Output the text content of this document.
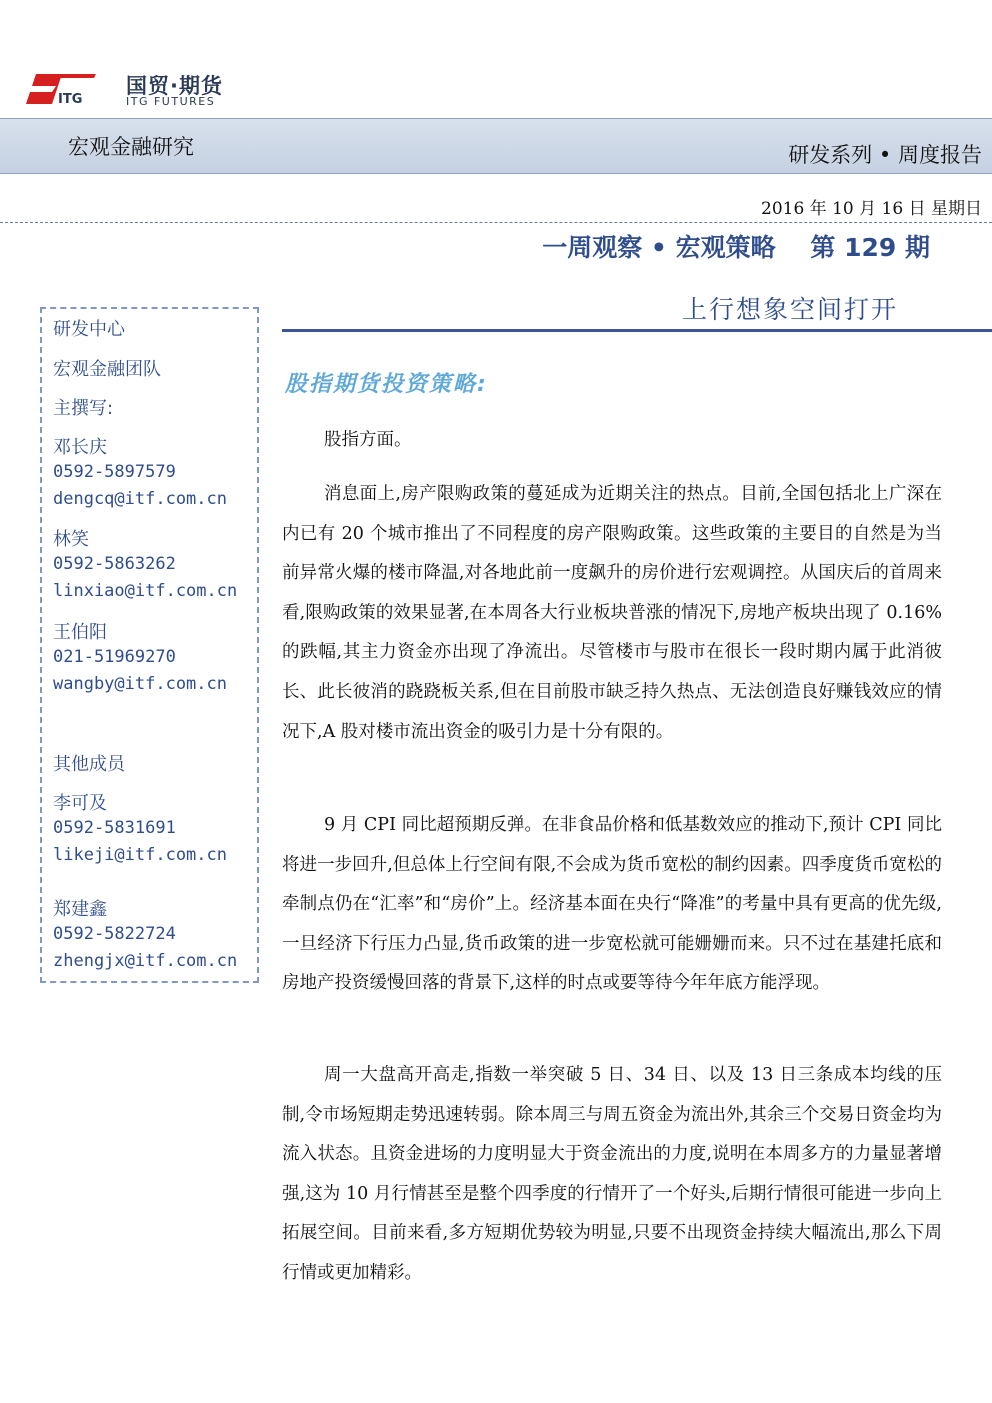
ITG
国贸·期货
ITG FUTURES
宏观金融研究	研发系列 • 周度报告
2016 年 10 月 16 日 星期日
一周观察 • 宏观策略    第 129 期
上行想象空间打开
研发中心
宏观金融团队
主撰写:
邓长庆
0592-5897579
dengcq@itf.com.cn
林笑
0592-5863262
linxiao@itf.com.cn
王伯阳
021-51969270
wangby@itf.com.cn
其他成员
李可及
0592-5831691
likeji@itf.com.cn
郑建鑫
0592-5822724
zhengjx@itf.com.cn
股指期货投资策略:

股指方面。

消息面上,房产限购政策的蔓延成为近期关注的热点。目前,全国包括北上广深在内已有 20 个城市推出了不同程度的房产限购政策。这些政策的主要目的自然是为当前异常火爆的楼市降温,对各地此前一度飙升的房价进行宏观调控。从国庆后的首周来看,限购政策的效果显著,在本周各大行业板块普涨的情况下,房地产板块出现了 0.16%的跌幅,其主力资金亦出现了净流出。尽管楼市与股市在很长一段时期内属于此消彼长、此长彼消的跷跷板关系,但在目前股市缺乏持久热点、无法创造良好赚钱效应的情况下,A 股对楼市流出资金的吸引力是十分有限的。

9 月 CPI 同比超预期反弹。在非食品价格和低基数效应的推动下,预计 CPI 同比将进一步回升,但总体上行空间有限,不会成为货币宽松的制约因素。四季度货币宽松的牵制点仍在“汇率”和“房价”上。经济基本面在央行“降准”的考量中具有更高的优先级,一旦经济下行压力凸显,货币政策的进一步宽松就可能姗姗而来。只不过在基建托底和房地产投资缓慢回落的背景下,这样的时点或要等待今年年底方能浮现。

周一大盘高开高走,指数一举突破 5 日、34 日、以及 13 日三条成本均线的压制,令市场短期走势迅速转弱。除本周三与周五资金为流出外,其余三个交易日资金均为流入状态。且资金进场的力度明显大于资金流出的力度,说明在本周多方的力量显著增强,这为 10 月行情甚至是整个四季度的行情开了一个好头,后期行情很可能进一步向上拓展空间。目前来看,多方短期优势较为明显,只要不出现资金持续大幅流出,那么下周行情或更加精彩。
